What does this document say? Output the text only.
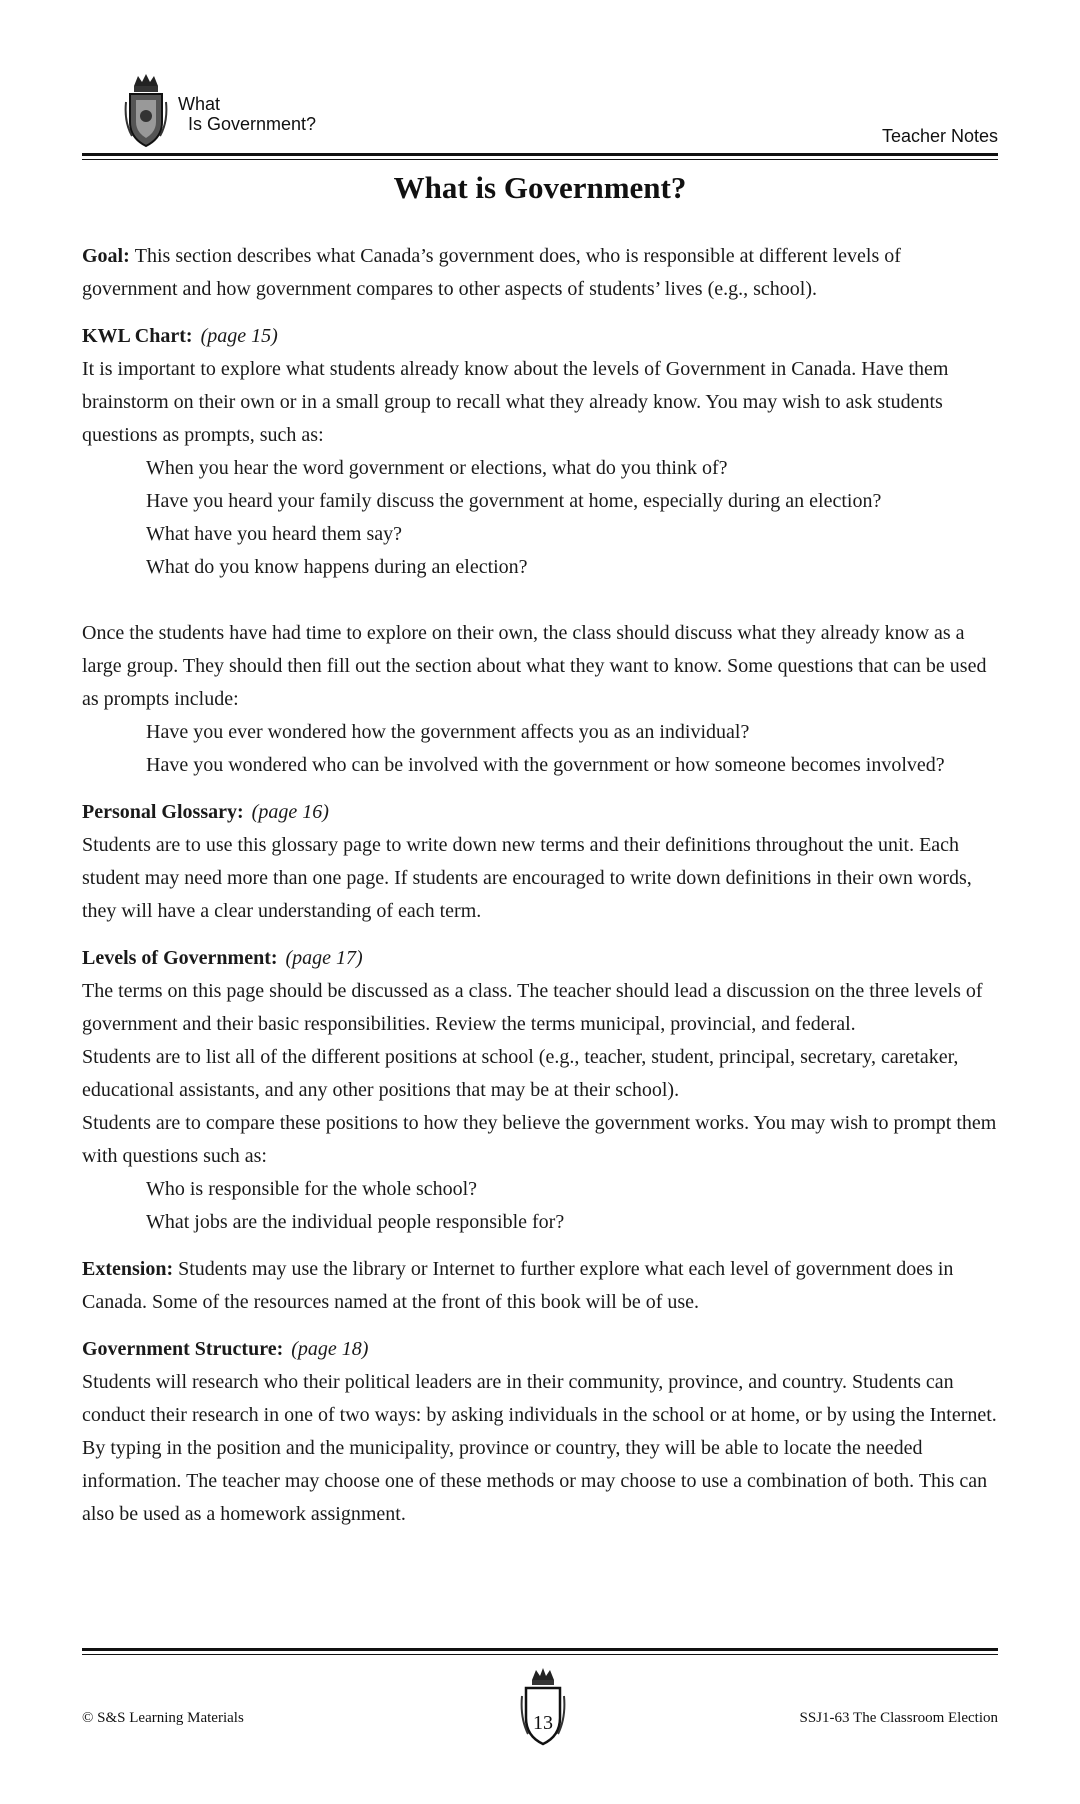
What
Is Government?
Teacher Notes
What is Government?

Goal: This section describes what Canada’s government does, who is responsible at different levels of government and how government compares to other aspects of students’ lives (e.g., school).

KWL Chart: (page 15)

It is important to explore what students already know about the levels of Government in Canada. Have them brainstorm on their own or in a small group to recall what they already know. You may wish to ask students questions as prompts, such as:

When you hear the word government or elections, what do you think of?

Have you heard your family discuss the government at home, especially during an election?

What have you heard them say?

What do you know happens during an election?

Once the students have had time to explore on their own, the class should discuss what they already know as a large group. They should then fill out the section about what they want to know. Some questions that can be used as prompts include:

Have you ever wondered how the government affects you as an individual?

Have you wondered who can be involved with the government or how someone becomes involved?

Personal Glossary: (page 16)

Students are to use this glossary page to write down new terms and their definitions throughout the unit. Each student may need more than one page. If students are encouraged to write down definitions in their own words, they will have a clear understanding of each term.

Levels of Government: (page 17)

The terms on this page should be discussed as a class. The teacher should lead a discussion on the three levels of government and their basic responsibilities. Review the terms municipal, provincial, and federal.

Students are to list all of the different positions at school (e.g., teacher, student, principal, secretary, caretaker, educational assistants, and any other positions that may be at their school).

Students are to compare these positions to how they believe the government works. You may wish to prompt them with questions such as:

Who is responsible for the whole school?

What jobs are the individual people responsible for?

Extension: Students may use the library or Internet to further explore what each level of government does in Canada. Some of the resources named at the front of this book will be of use.

Government Structure: (page 18)

Students will research who their political leaders are in their community, province, and country. Students can conduct their research in one of two ways: by asking individuals in the school or at home, or by using the Internet. By typing in the position and the municipality, province or country, they will be able to locate the needed information. The teacher may choose one of these methods or may choose to use a combination of both. This can also be used as a homework assignment.

© S&S Learning Materials	13	SSJ1-63 The Classroom Election
